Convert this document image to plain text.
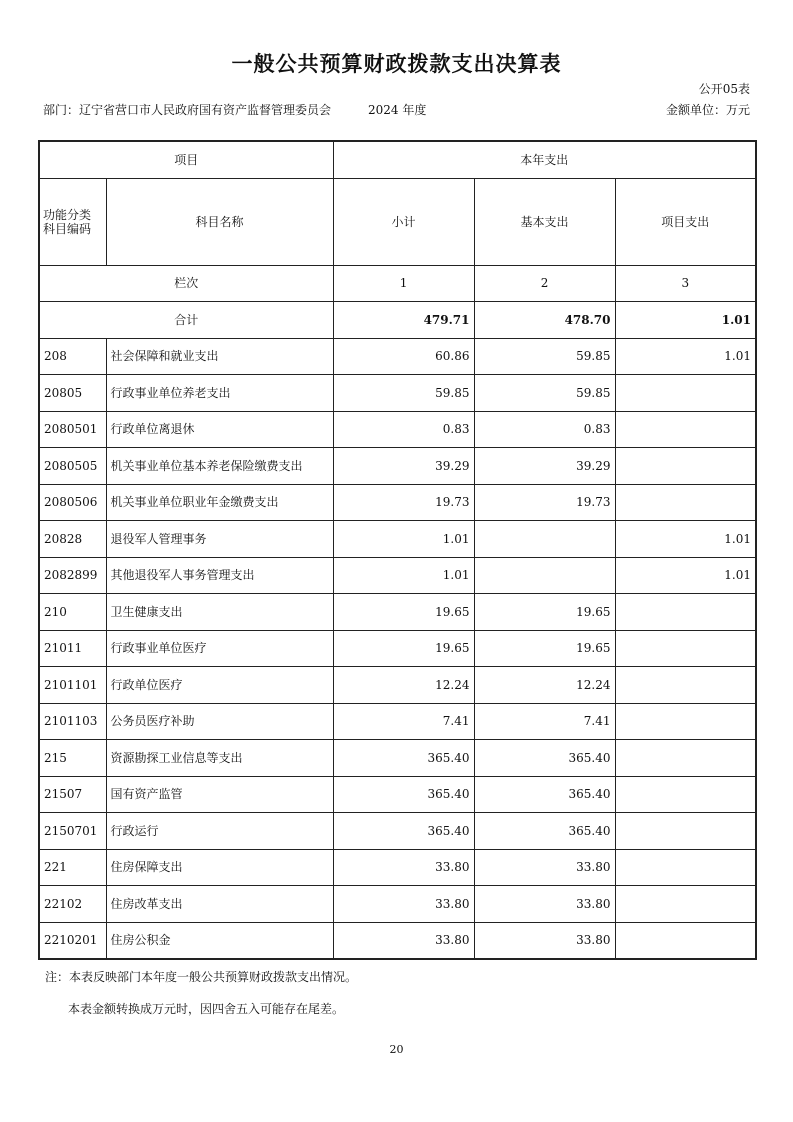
一般公共预算财政拨款支出决算表
公开05表
部门：辽宁省营口市人民政府国有资产监督管理委员会	2024 年度	金额单位：万元
项目		本年支出		
功能分类科目编码	科目名称	小计	基本支出	项目支出
栏次		1	2	3
合计		479.71	478.70	1.01
208	社会保障和就业支出	60.86	59.85	1.01
20805	行政事业单位养老支出	59.85	59.85	
2080501	行政单位离退休	0.83	0.83	
2080505	机关事业单位基本养老保险缴费支出	39.29	39.29	
2080506	机关事业单位职业年金缴费支出	19.73	19.73	
20828	退役军人管理事务	1.01		1.01
2082899	其他退役军人事务管理支出	1.01		1.01
210	卫生健康支出	19.65	19.65	
21011	行政事业单位医疗	19.65	19.65	
2101101	行政单位医疗	12.24	12.24	
2101103	公务员医疗补助	7.41	7.41	
215	资源勘探工业信息等支出	365.40	365.40	
21507	国有资产监管	365.40	365.40	
2150701	行政运行	365.40	365.40	
221	住房保障支出	33.80	33.80	
22102	住房改革支出	33.80	33.80	
2210201	住房公积金	33.80	33.80	
注：本表反映部门本年度一般公共预算财政拨款支出情况。
本表金额转换成万元时，因四舍五入可能存在尾差。
20
